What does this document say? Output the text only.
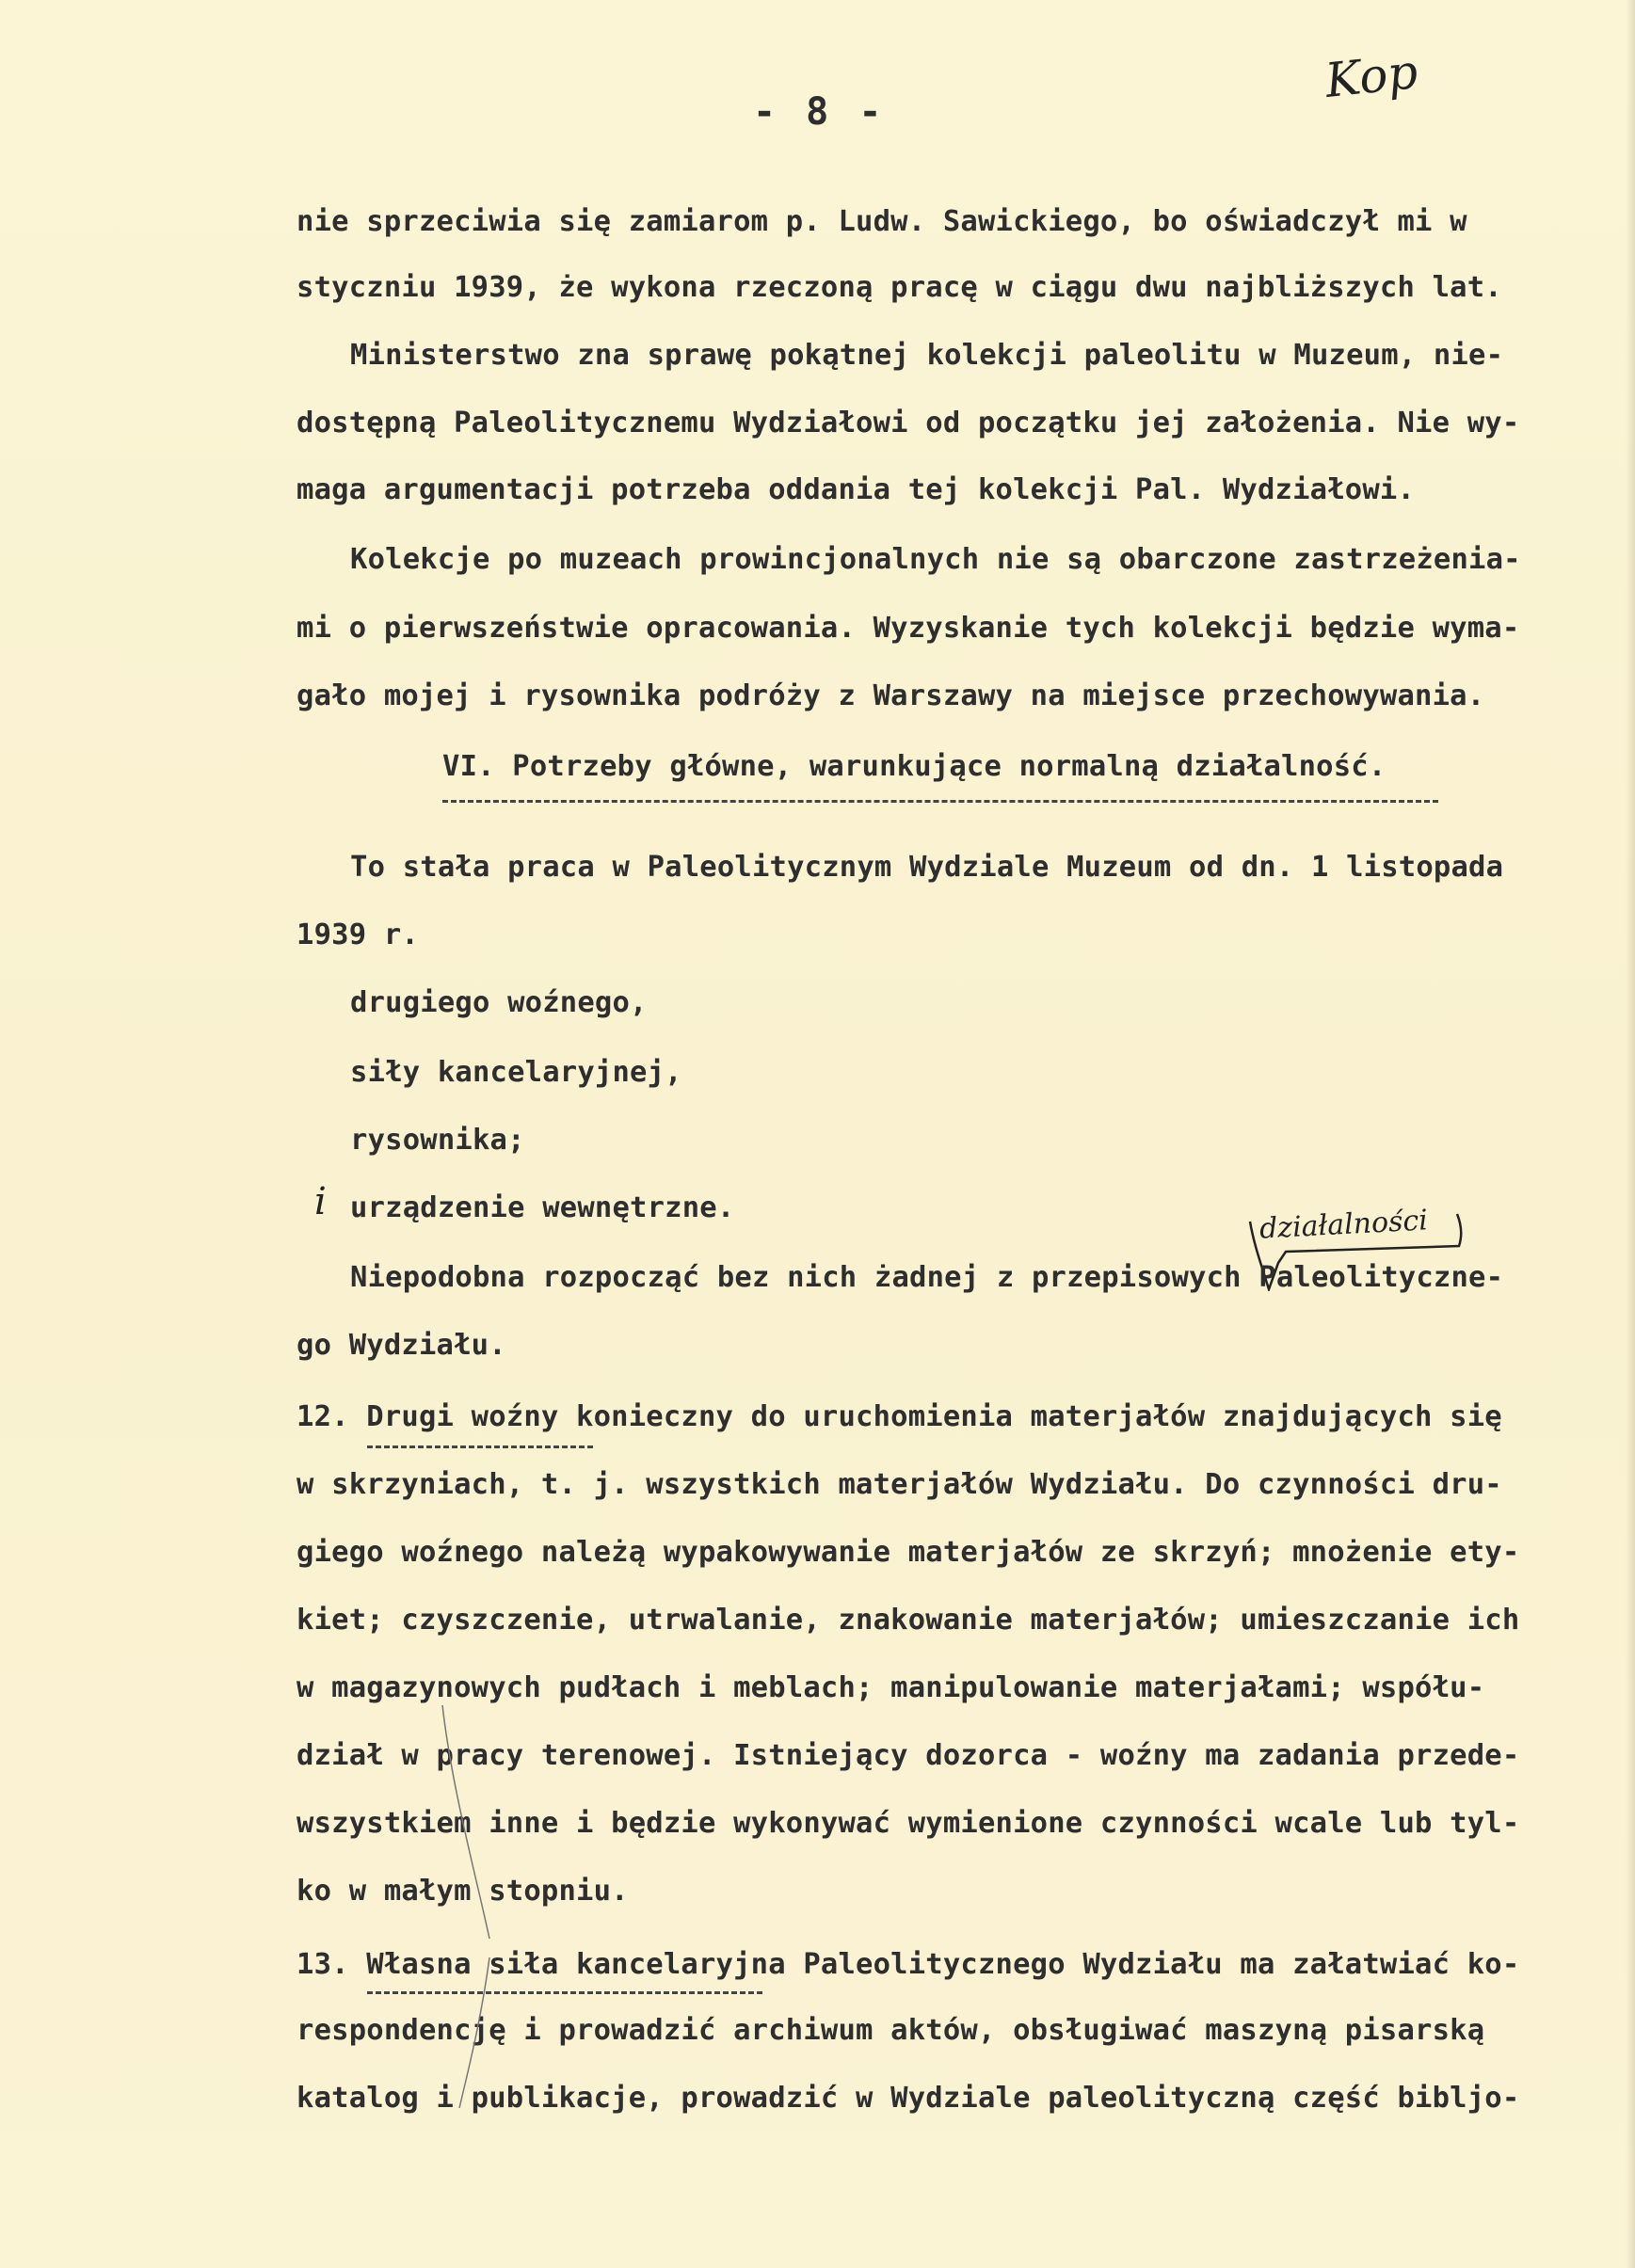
Kop
- 8 -
nie sprzeciwia się zamiarom p. Ludw. Sawickiego, bo oświadczył mi w
styczniu 1939, że wykona rzeczoną pracę w ciągu dwu najbliższych lat.
Ministerstwo zna sprawę pokątnej kolekcji paleolitu w Muzeum, nie-
dostępną Paleolitycznemu Wydziałowi od początku jej założenia. Nie wy-
maga argumentacji potrzeba oddania tej kolekcji Pal. Wydziałowi.
Kolekcje po muzeach prowincjonalnych nie są obarczone zastrzeżenia-
mi o pierwszeństwie opracowania. Wyzyskanie tych kolekcji będzie wyma-
gało mojej i rysownika podróży z Warszawy na miejsce przechowywania.
VI. Potrzeby główne, warunkujące normalną działalność.
To stała praca w Paleolitycznym Wydziale Muzeum od dn. 1 listopada
1939 r.
drugiego woźnego,
siły kancelaryjnej,
rysownika;
i urządzenie wewnętrzne.	działalności
Niepodobna rozpocząć bez nich żadnej z przepisowych Paleolityczne-
go Wydziału.
12. Drugi woźny konieczny do uruchomienia materjałów znajdujących się
w skrzyniach, t. j. wszystkich materjałów Wydziału. Do czynności dru-
giego woźnego należą wypakowywanie materjałów ze skrzyń; mnożenie ety-
kiet; czyszczenie, utrwalanie, znakowanie materjałów; umieszczanie ich
w magazynowych pudłach i meblach; manipulowanie materjałami; współu-
dział w pracy terenowej. Istniejący dozorca - woźny ma zadania przede-
wszystkiem inne i będzie wykonywać wymienione czynności wcale lub tyl-
ko w małym stopniu.
13. Własna siła kancelaryjna Paleolitycznego Wydziału ma załatwiać ko-
respondencję i prowadzić archiwum aktów, obsługiwać maszyną pisarską
katalog i publikacje, prowadzić w Wydziale paleolityczną część bibljo-
